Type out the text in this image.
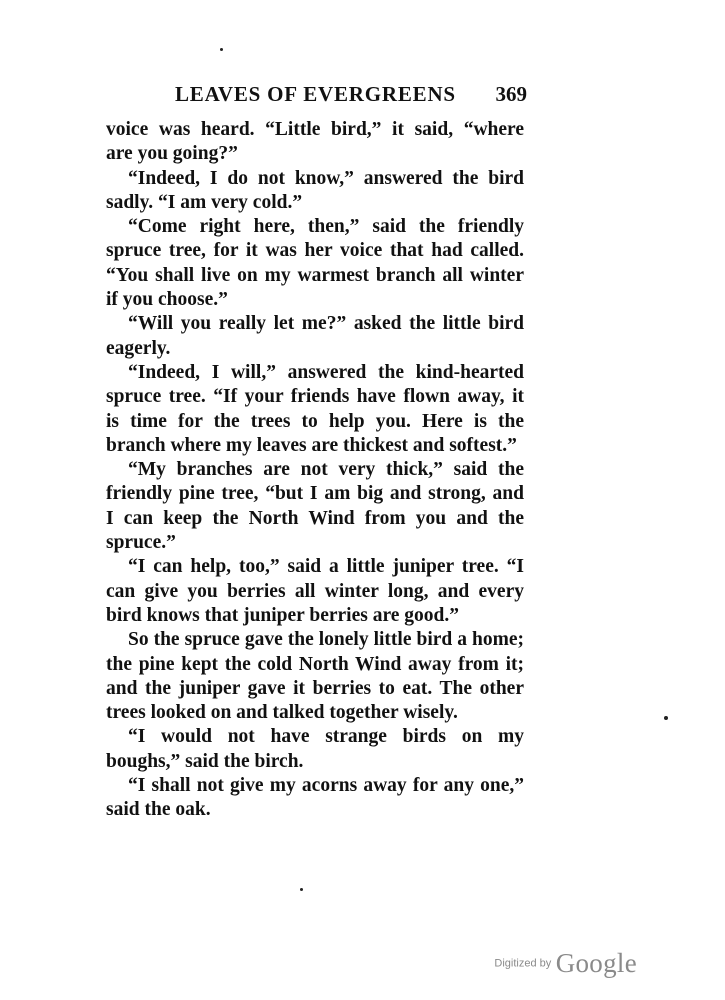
LEAVES OF EVERGREENS 369
voice was heard. “Little bird,” it said, “where
are you going?”
“Indeed, I do not know,” answered the bird
sadly. “I am very cold.”
“Come right here, then,” said the friendly
spruce tree, for it was her voice that had called.
“You shall live on my warmest branch all winter
if you choose.”
“Will you really let me?” asked the little bird
eagerly.
“Indeed, I will,” answered the kind-hearted
spruce tree. “If your friends have flown away, it
is time for the trees to help you. Here is the
branch where my leaves are thickest and softest.”
“My branches are not very thick,” said the
friendly pine tree, “but I am big and strong, and
I can keep the North Wind from you and the
spruce.”
“I can help, too,” said a little juniper tree. “I
can give you berries all winter long, and every
bird knows that juniper berries are good.”
So the spruce gave the lonely little bird a home;
the pine kept the cold North Wind away from it;
and the juniper gave it berries to eat. The other
trees looked on and talked together wisely.
“I would not have strange birds on my
boughs,” said the birch.
“I shall not give my acorns away for any one,”
said the oak.
Digitized by Google
